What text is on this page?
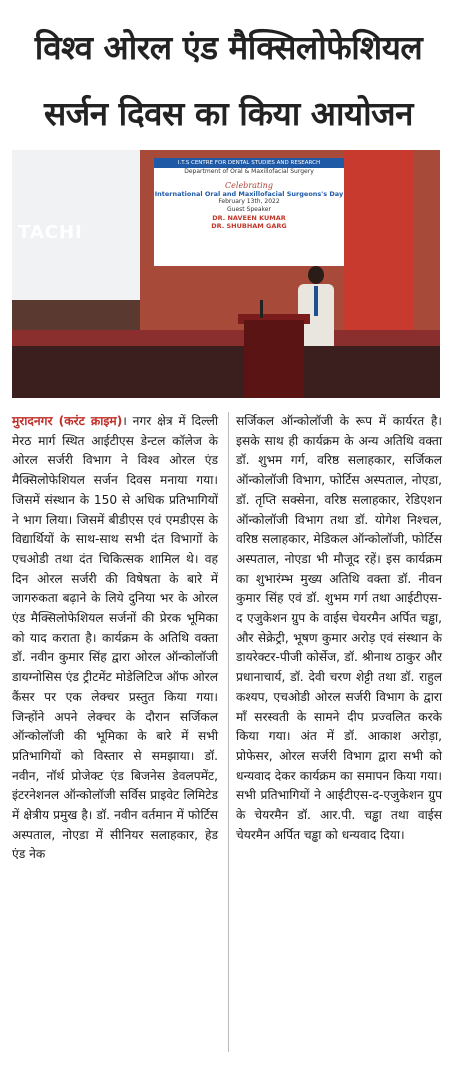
विश्व ओरल एंड मैक्सिलोफेशियल
सर्जन दिवस का किया आयोजन
TACHI
I.T.S CENTRE FOR DENTAL STUDIES AND RESEARCH
Department of Oral & Maxillofacial Surgery
Celebrating
International Oral and Maxillofacial Surgeons's Day
February 13th, 2022
Guest Speaker
DR. NAVEEN KUMAR
DR. SHUBHAM GARG
मुरादनगर (करंट क्राइम)। नगर क्षेत्र में दिल्ली मेरठ मार्ग स्थित आईटीएस डेन्टल कॉलेज के ओरल सर्जरी विभाग ने विश्व ओरल एंड मैक्सिलोफेशियल सर्जन दिवस मनाया गया। जिसमें संस्थान के 150 से अधिक प्रतिभागियों ने भाग लिया। जिसमें बीडीएस एवं एमडीएस के विद्यार्थियों के साथ-साथ सभी दंत विभागों के एचओडी तथा दंत चिकित्सक शामिल थे। वह दिन ओरल सर्जरी की विषेषता के बारे में जागरुकता बढ़ाने के लिये दुनिया भर के ओरल एंड मैक्सिलोफेशियल सर्जनों की प्रेरक भूमिका को याद कराता है। कार्यक्रम के अतिथि वक्ता डॉ. नवीन कुमार सिंह द्वारा ओरल ऑन्कोलॉजी डायग्नोसिस एंड ट्रीटमेंट मोडेलिटिज ऑफ ओरल कैंसर पर एक लेक्चर प्रस्तुत किया गया। जिन्होंने अपने लेक्चर के दौरान सर्जिकल ऑन्कोलॉजी की भूमिका के बारे में सभी प्रतिभागियों को विस्तार से समझाया। डॉ. नवीन, नॉर्थ प्रोजेक्ट एंड बिजनेस डेवलपमेंट, इंटरनेशनल ऑन्कोलॉजी सर्विस प्राइवेट लिमिटेड में क्षेत्रीय प्रमुख है। डॉ. नवीन वर्तमान में फोर्टिस अस्पताल, नोएडा में सीनियर सलाहकार, हेड एंड नेक
सर्जिकल ऑन्कोलॉजी के रूप में कार्यरत है। इसके साथ ही कार्यक्रम के अन्य अतिथि वक्ता डॉ. शुभम गर्ग, वरिष्ठ सलाहकार, सर्जिकल ऑन्कोलॉजी विभाग, फोर्टिस अस्पताल, नोएडा, डॉ. तृप्ति सक्सेना, वरिष्ठ सलाहकार, रेडिएशन ऑन्कोलॉजी विभाग तथा डॉ. योगेश निश्चल, वरिष्ठ सलाहकार, मेडिकल ऑन्कोलॉजी, फोर्टिस अस्पताल, नोएडा भी मौजूद रहें। इस कार्यक्रम का शुभारंम्भ मुख्य अतिथि वक्ता डॉ. नीवन कुमार सिंह एवं डॉ. शुभम गर्ग तथा आईटीएस-द एजुकेशन ग्रुप के वाईस चेयरमैन अर्पित चड्ढा, और सेक्रेट्री, भूषण कुमार अरोड़ एवं संस्थान के डायरेक्टर-पीजी कोर्सेज, डॉ. श्रीनाथ ठाकुर और प्रधानाचार्य, डॉ. देवी चरण शेट्टी तथा डॉ. राहुल कश्यप, एचओडी ओरल सर्जरी विभाग के द्वारा माँ सरस्वती के सामने दीप प्रज्वलित करके किया गया। अंत में डॉ. आकाश अरोड़ा, प्रोफेसर, ओरल सर्जरी विभाग द्वारा सभी को धन्यवाद देकर कार्यक्रम का समापन किया गया। सभी प्रतिभागियों ने आईटीएस-द-एजुकेशन ग्रुप के चेयरमैन डॉ. आर.पी. चड्ढा तथा वाईस चेयरमैन अर्पित चड्ढा को धन्यवाद दिया।
